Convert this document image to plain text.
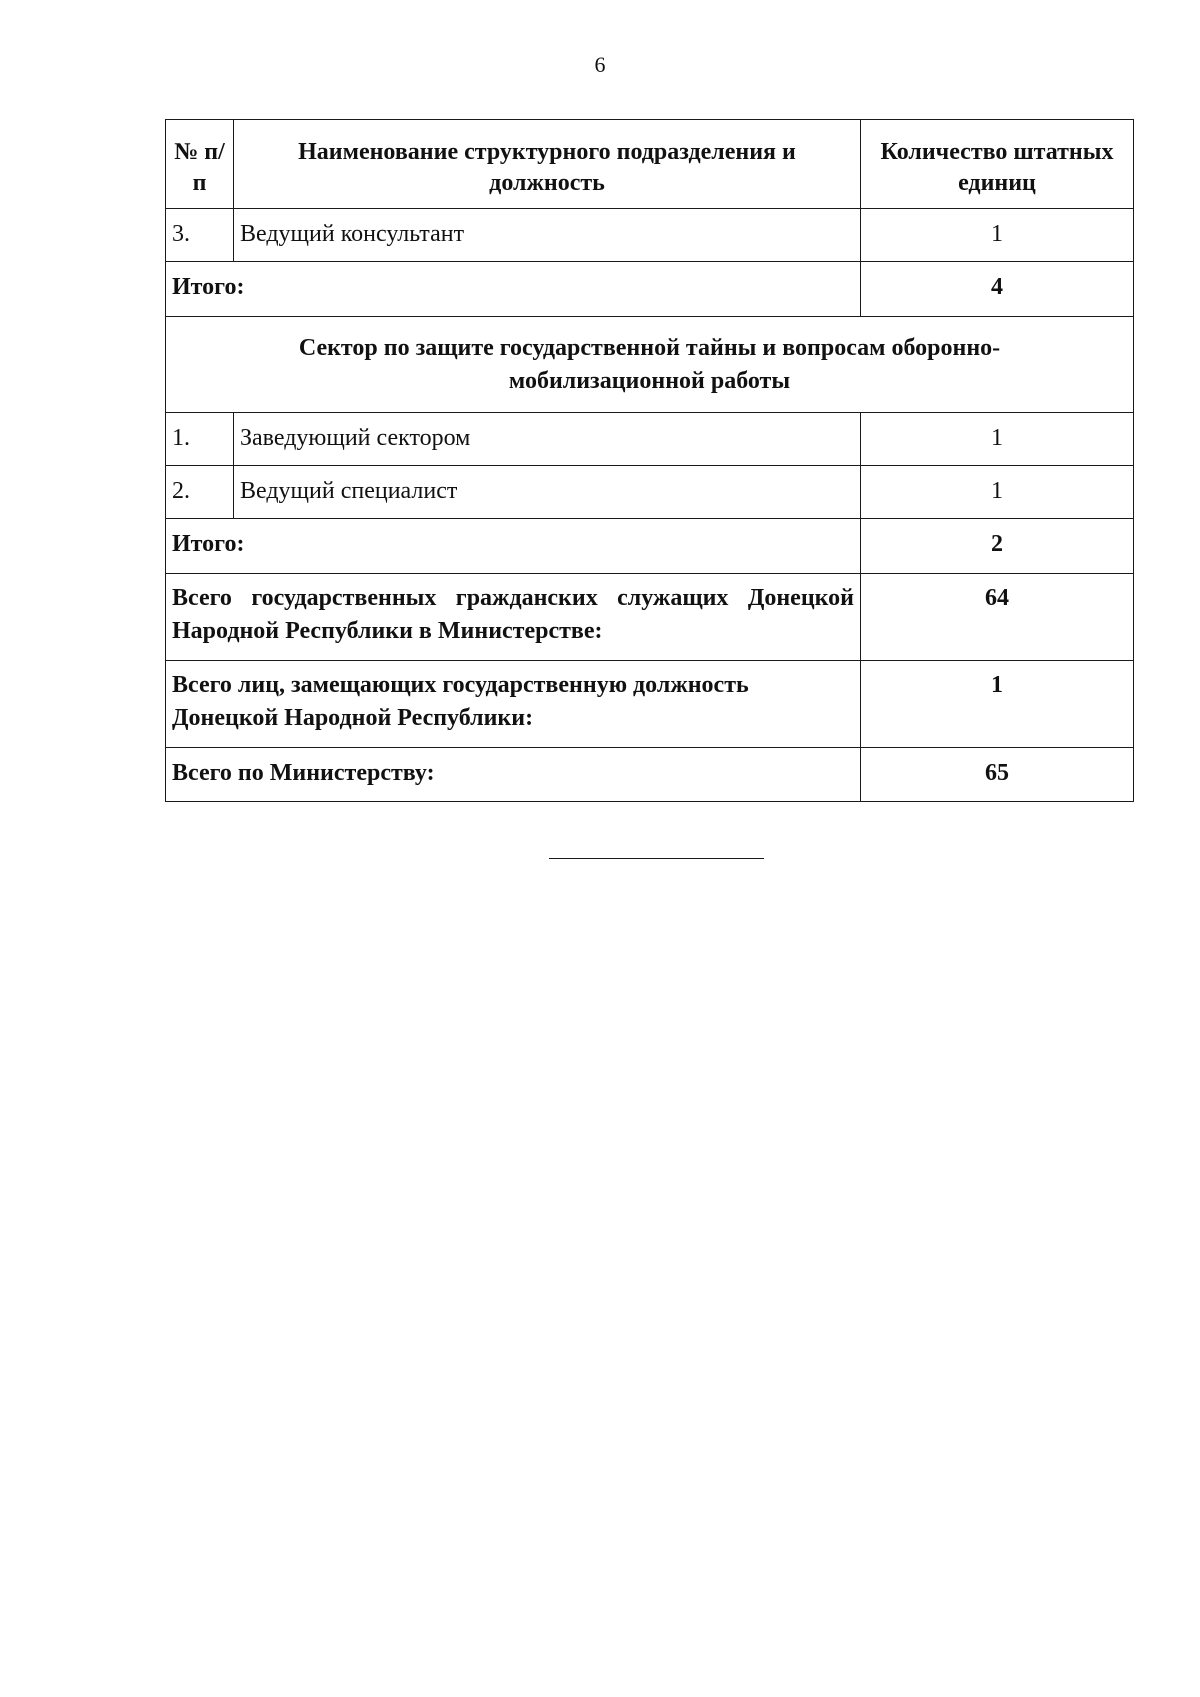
6
№ п/п	Наименование структурного подразделения и должность	Количество штатных единиц
3.	Ведущий консультант	1
Итого:		4
Сектор по защите государственной тайны и вопросам оборонно-мобилизационной работы		
1.	Заведующий сектором	1
2.	Ведущий специалист	1
Итого:		2
Всего государственных гражданских служащих Донецкой Народной Республики в Министерстве:		64
Всего лиц, замещающих государственную должность Донецкой Народной Республики:		1
Всего по Министерству:		65
